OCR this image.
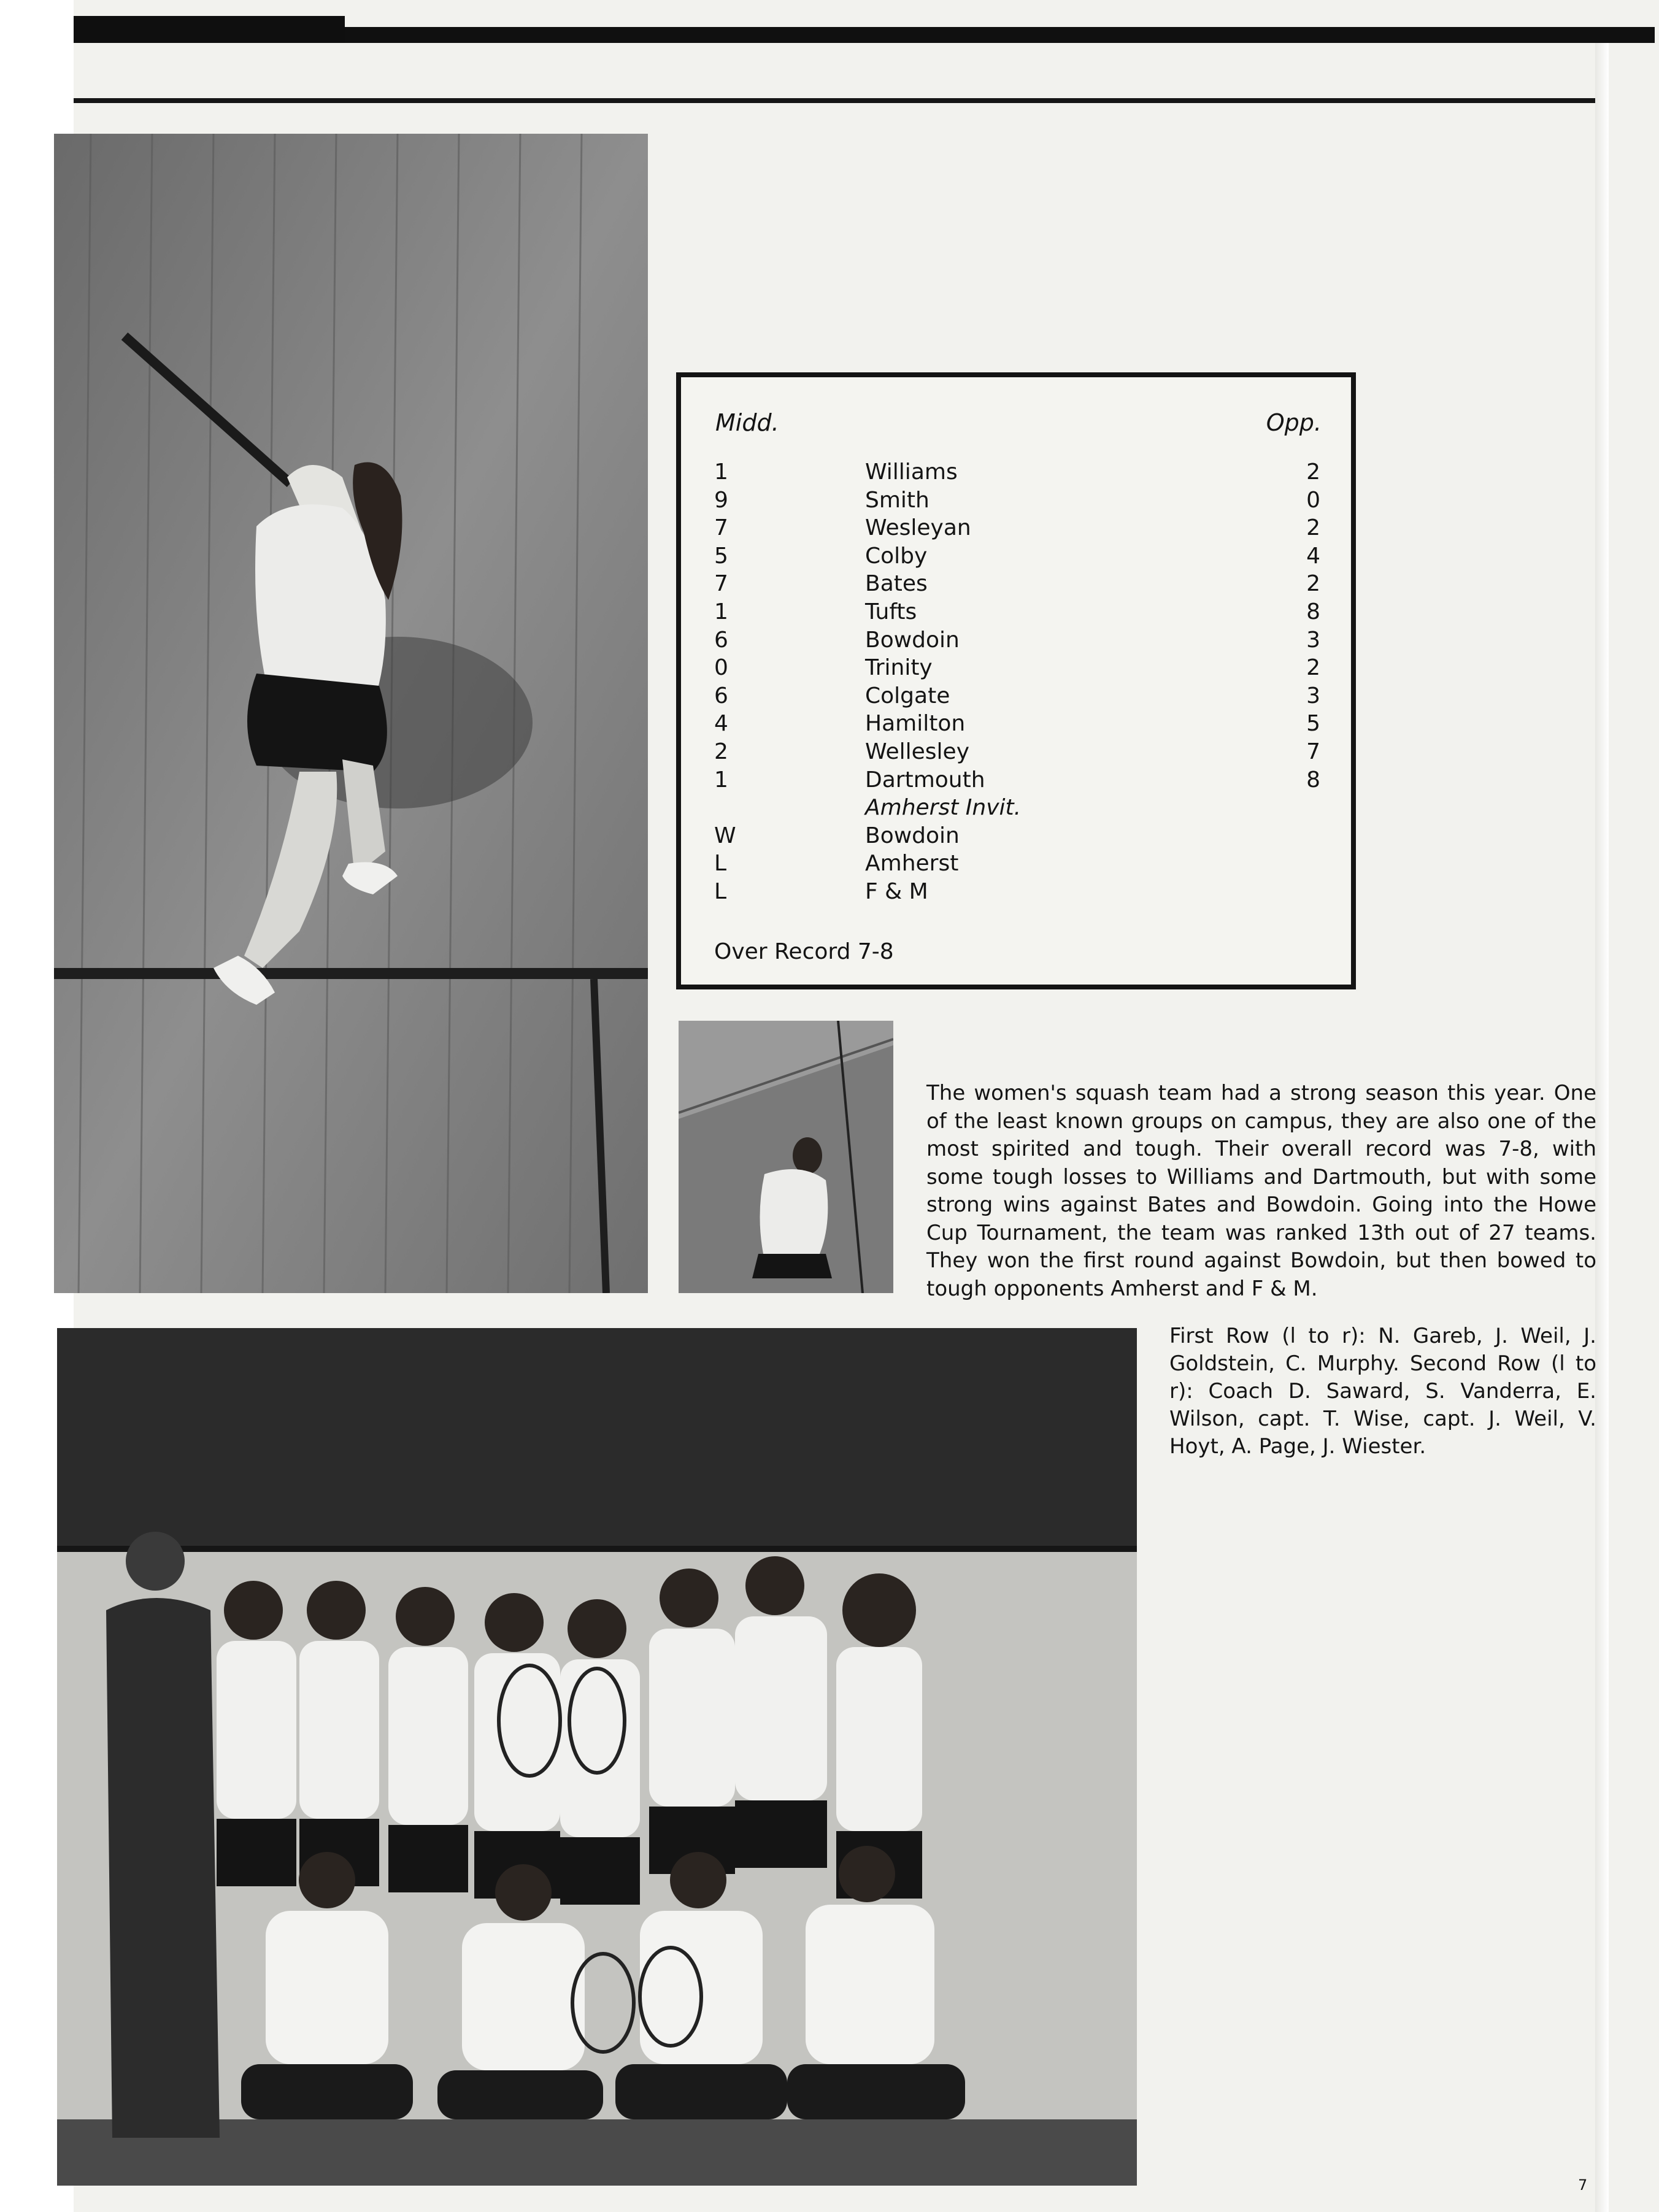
Midd.	Opp.
1	Williams	2
9	Smith	0
7	Wesleyan	2
5	Colby	4
7	Bates	2
1	Tufts	8
6	Bowdoin	3
0	Trinity	2
6	Colgate	3
4	Hamilton	5
2	Wellesley	7
1	Dartmouth	8
Amherst Invit.
W	Bowdoin
L	Amherst
L	F & M
Over Record 7-8
The women's squash team had a strong season this year. One of the least known groups on campus, they are also one of the most spirited and tough. Their overall record was 7-8, with some tough losses to Williams and Dartmouth, but with some strong wins against Bates and Bowdoin. Going into the Howe Cup Tournament, the team was ranked 13th out of 27 teams. They won the first round against Bowdoin, but then bowed to tough opponents Amherst and F & M.
First Row (l to r): N. Gareb, J. Weil, J. Goldstein, C. Murphy. Second Row (l to r): Coach D. Saward, S. Vanderra, E. Wilson, capt. T. Wise, capt. J. Weil, V. Hoyt, A. Page, J. Wiester.
7
